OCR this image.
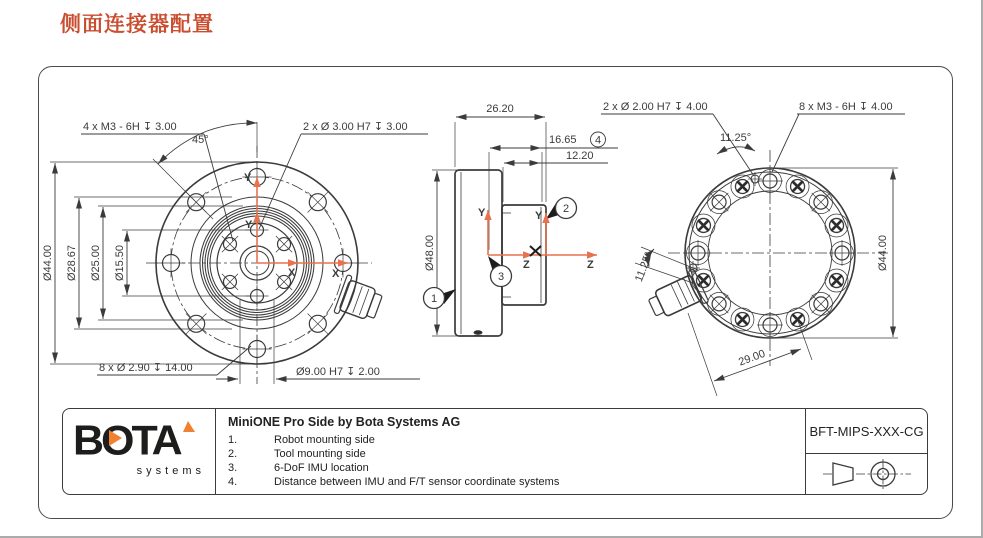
侧面连接器配置
Ø44.00 Ø28.67 Ø25.00 Ø15.50
4 x M3 - 6H ↧ 3.00	2 x Ø 3.00 H7 ↧ 3.00
45°
8 x Ø 2.90 ↧ 14.00	Ø9.00 H7 ↧ 2.00
Y
Y
X	X
26.20
16.65 4
12.20
Ø48.00
1
2
3
Y	Y
Z	Z
2 x Ø 2.00 H7 ↧ 4.00	8 x M3 - 6H ↧ 4.00
11.25°
11.25°	Ø44.00
29.00
BOTA
systems
MiniONE Pro Side by Bota Systems AG
1.	Robot mounting side
2.	Tool mounting side
3.	6-DoF IMU location
4.	Distance between IMU and F/T sensor coordinate systems
BFT-MIPS-XXX-CG
